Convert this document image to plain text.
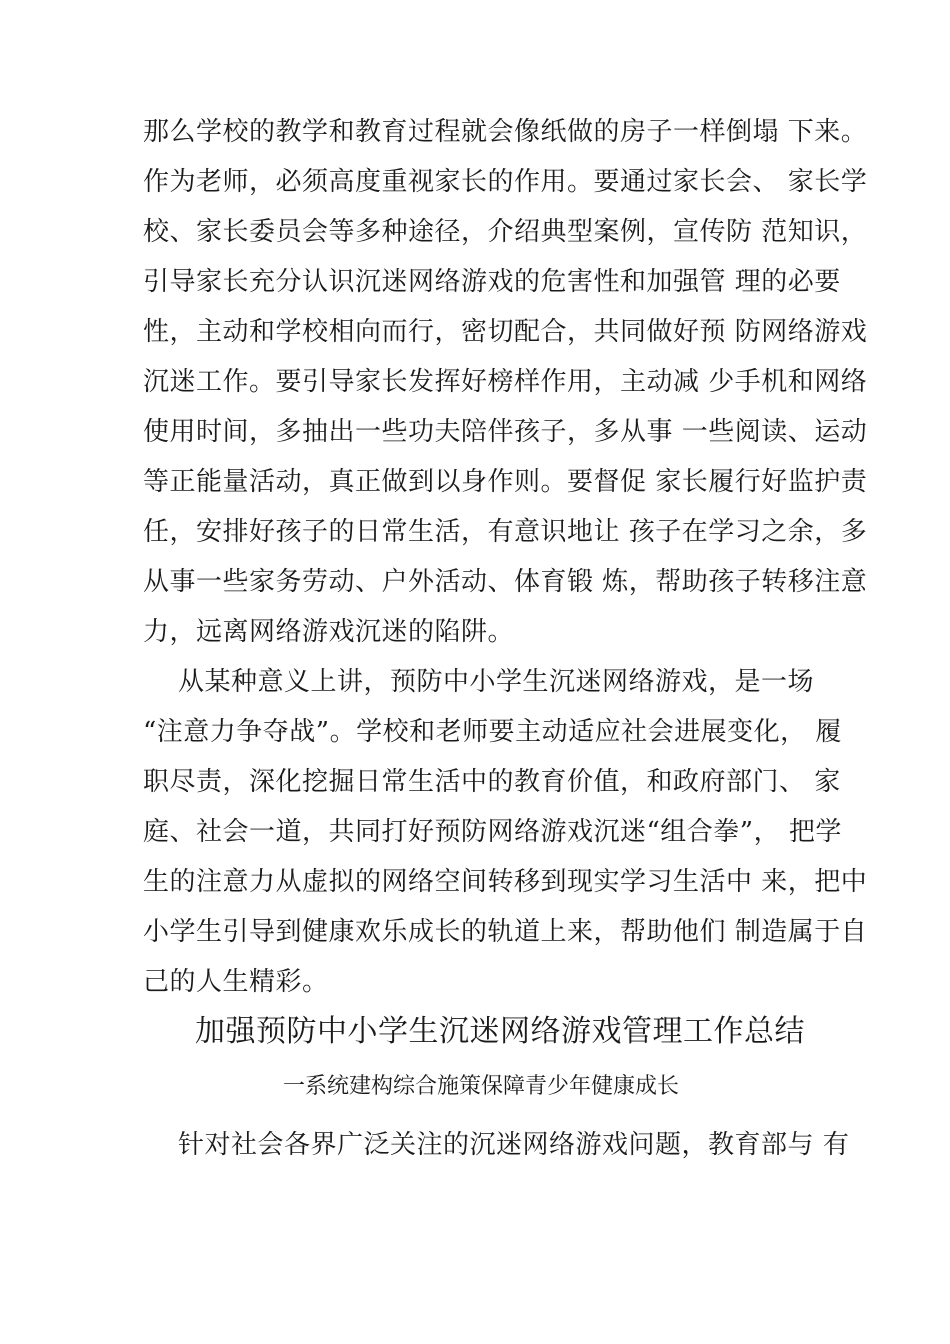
那么学校的教学和教育过程就会像纸做的房子一样倒塌 下来。
作为老师，必须高度重视家长的作用。要通过家长会、 家长学
校、家长委员会等多种途径，介绍典型案例，宣传防 范知识，
引导家长充分认识沉迷网络游戏的危害性和加强管 理的必要
性，主动和学校相向而行，密切配合，共同做好预 防网络游戏
沉迷工作。要引导家长发挥好榜样作用，主动减 少手机和网络
使用时间，多抽出一些功夫陪伴孩子，多从事 一些阅读、运动
等正能量活动，真正做到以身作则。要督促 家长履行好监护责
任，安排好孩子的日常生活，有意识地让 孩子在学习之余，多
从事一些家务劳动、户外活动、体育锻 炼，帮助孩子转移注意
力，远离网络游戏沉迷的陷阱。
从某种意义上讲，预防中小学生沉迷网络游戏，是一场
“注意力争夺战”。学校和老师要主动适应社会进展变化， 履
职尽责，深化挖掘日常生活中的教育价值，和政府部门、 家
庭、社会一道，共同打好预防网络游戏沉迷“组合拳”， 把学
生的注意力从虚拟的网络空间转移到现实学习生活中 来，把中
小学生引导到健康欢乐成长的轨道上来，帮助他们 制造属于自
己的人生精彩。
加强预防中小学生沉迷网络游戏管理工作总结
一系统建构综合施策保障青少年健康成长
针对社会各界广泛关注的沉迷网络游戏问题，教育部与 有
